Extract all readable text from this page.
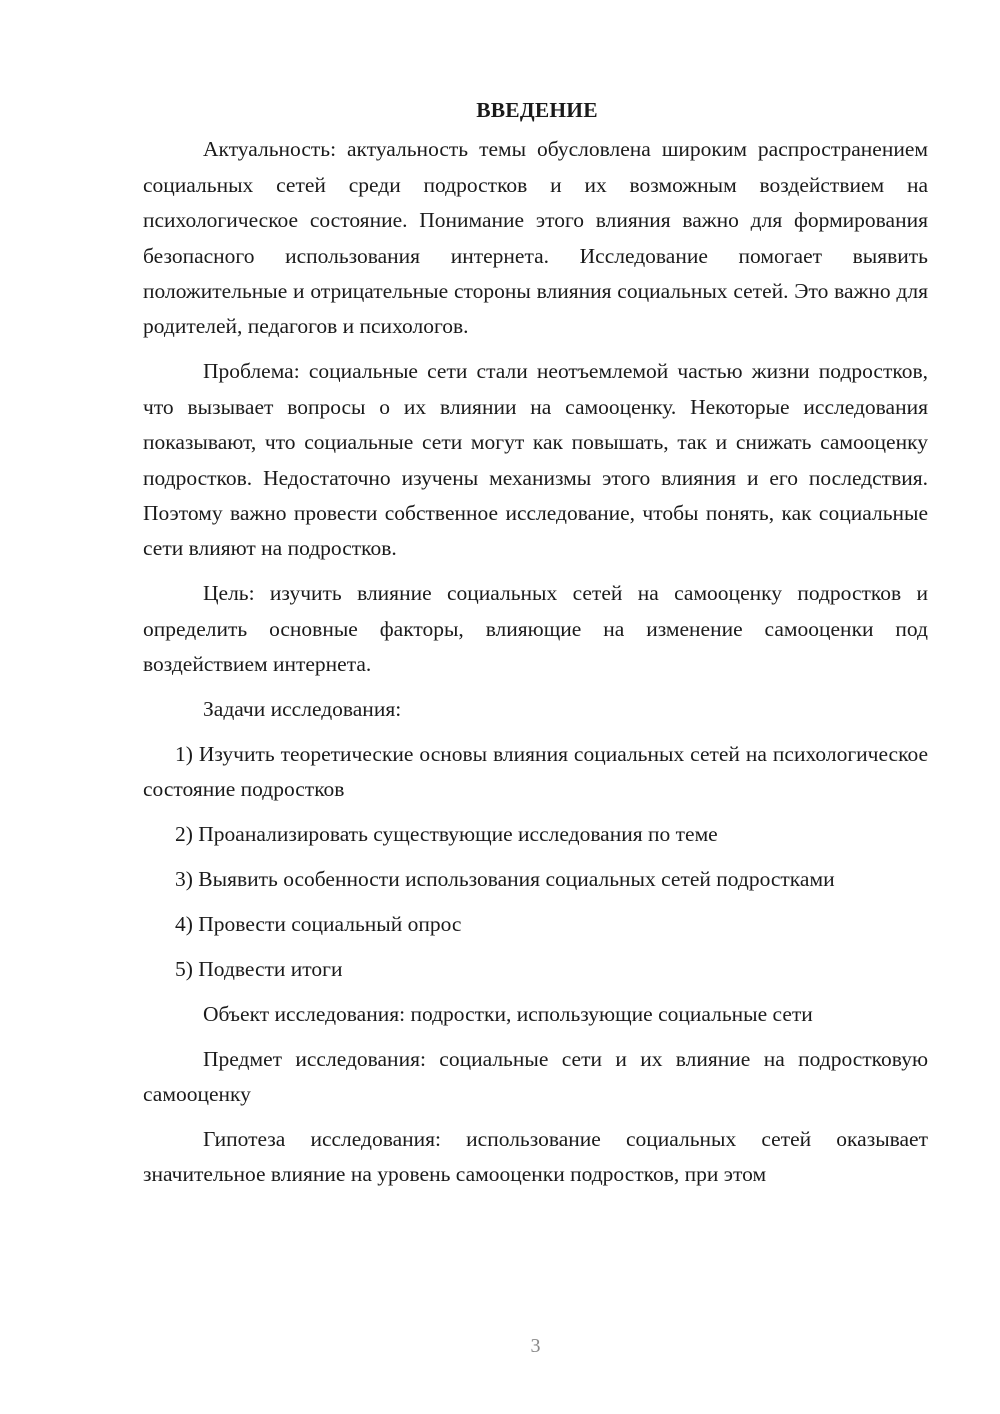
ВВЕДЕНИЕ

Актуальность: актуальность темы обусловлена широким распространением социальных сетей среди подростков и их возможным воздействием на психологическое состояние. Понимание этого влияния важно для формирования безопасного использования интернета. Исследование помогает выявить положительные и отрицательные стороны влияния социальных сетей. Это важно для родителей, педагогов и психологов.

Проблема: социальные сети стали неотъемлемой частью жизни подростков, что вызывает вопросы о их влиянии на самооценку. Некоторые исследования показывают, что социальные сети могут как повышать, так и снижать самооценку подростков. Недостаточно изучены механизмы этого влияния и его последствия. Поэтому важно провести собственное исследование, чтобы понять, как социальные сети влияют на подростков.

Цель: изучить влияние социальных сетей на самооценку подростков и определить основные факторы, влияющие на изменение самооценки под воздействием интернета.

Задачи исследования:

1) Изучить теоретические основы влияния социальных сетей на психологическое состояние подростков

2) Проанализировать существующие исследования по теме

3) Выявить особенности использования социальных сетей подростками

4) Провести социальный опрос

5) Подвести итоги

Объект исследования: подростки, использующие социальные сети

Предмет исследования: социальные сети и их влияние на подростковую самооценку

Гипотеза исследования: использование социальных сетей оказывает значительное влияние на уровень самооценки подростков, при этом

3
